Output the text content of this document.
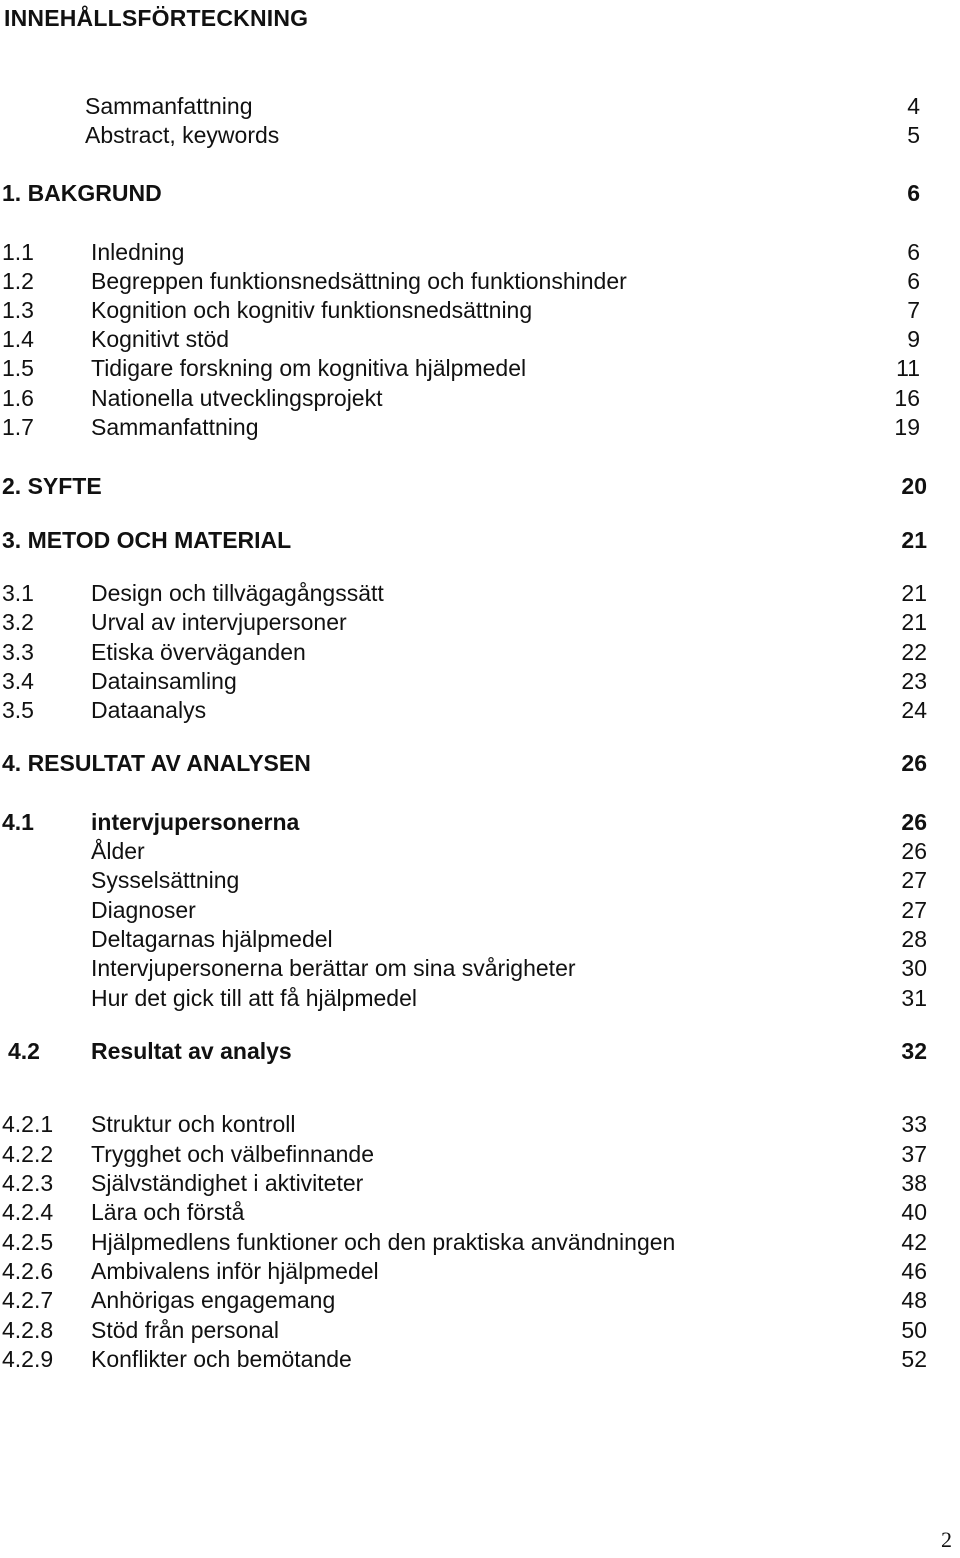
INNEHÅLLSFÖRTECKNING
Sammanfattning	4
Abstract, keywords	5
1. BAKGRUND	6
1.1 Inledning	6
1.2 Begreppen funktionsnedsättning och funktionshinder	6
1.3 Kognition och kognitiv funktionsnedsättning	7
1.4 Kognitivt stöd	9
1.5 Tidigare forskning om kognitiva hjälpmedel	11
1.6 Nationella utvecklingsprojekt	16
1.7 Sammanfattning	19
2. SYFTE	20
3. METOD OCH MATERIAL	21
3.1 Design och tillvägagångssätt	21
3.2 Urval av intervjupersoner	21
3.3 Etiska överväganden	22
3.4 Datainsamling	23
3.5 Dataanalys	24
4. RESULTAT AV ANALYSEN	26
4.1 intervjupersonerna	26
Ålder	26
Sysselsättning	27
Diagnoser	27
Deltagarnas hjälpmedel	28
Intervjupersonerna berättar om sina svårigheter	30
Hur det gick till att få hjälpmedel	31
4.2 Resultat av analys	32
4.2.1 Struktur och kontroll	33
4.2.2 Trygghet och välbefinnande	37
4.2.3 Självständighet i aktiviteter	38
4.2.4 Lära och förstå	40
4.2.5 Hjälpmedlens funktioner och den praktiska användningen	42
4.2.6 Ambivalens inför hjälpmedel	46
4.2.7 Anhörigas engagemang	48
4.2.8 Stöd från personal	50
4.2.9 Konflikter och bemötande	52
2
